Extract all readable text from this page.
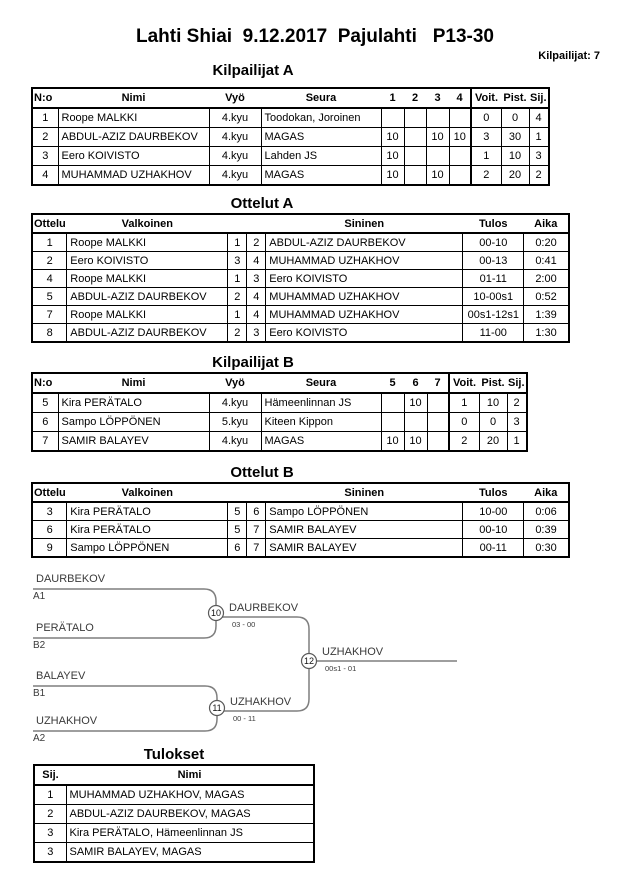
Lahti Shiai  9.12.2017  Pajulahti   P13-30
Kilpailijat: 7
Kilpailijat A
N:o	Nimi	Vyö	Seura	1	2	3	4	Voit.	Pist.	Sij.
1	Roope MALKKI	4.kyu	Toodokan, Joroinen					0	0	4
2	ABDUL-AZIZ DAURBEKOV	4.kyu	MAGAS	10		10	10	3	30	1
3	Eero KOIVISTO	4.kyu	Lahden JS	10				1	10	3
4	MUHAMMAD UZHAKHOV	4.kyu	MAGAS	10		10		2	20	2
Ottelut A
Ottelu	Valkoinen			Sininen	Tulos	Aika
1	Roope MALKKI	1	2	ABDUL-AZIZ DAURBEKOV	00-10	0:20
2	Eero KOIVISTO	3	4	MUHAMMAD UZHAKHOV	00-13	0:41
4	Roope MALKKI	1	3	Eero KOIVISTO	01-11	2:00
5	ABDUL-AZIZ DAURBEKOV	2	4	MUHAMMAD UZHAKHOV	10-00s1	0:52
7	Roope MALKKI	1	4	MUHAMMAD UZHAKHOV	00s1-12s1	1:39
8	ABDUL-AZIZ DAURBEKOV	2	3	Eero KOIVISTO	11-00	1:30
Kilpailijat B
N:o	Nimi	Vyö	Seura	5	6	7	Voit.	Pist.	Sij.
5	Kira PERÄTALO	4.kyu	Hämeenlinnan JS		10		1	10	2
6	Sampo LÖPPÖNEN	5.kyu	Kiteen Kippon				0	0	3
7	SAMIR BALAYEV	4.kyu	MAGAS	10	10		2	20	1
Ottelut B
Ottelu	Valkoinen			Sininen	Tulos	Aika
3	Kira PERÄTALO	5	6	Sampo LÖPPÖNEN	10-00	0:06
6	Kira PERÄTALO	5	7	SAMIR BALAYEV	00-10	0:39
9	Sampo LÖPPÖNEN	6	7	SAMIR BALAYEV	00-11	0:30
DAURBEKOV
A1
PERÄTALO
B2
BALAYEV
B1
UZHAKHOV
A2
10 DAURBEKOV
03 - 00
11 UZHAKHOV
00 - 11
12
UZHAKHOV
00s1 - 01
Tulokset
Sij.	Nimi
1	MUHAMMAD UZHAKHOV, MAGAS
2	ABDUL-AZIZ DAURBEKOV, MAGAS
3	Kira PERÄTALO, Hämeenlinnan JS
3	SAMIR BALAYEV, MAGAS
